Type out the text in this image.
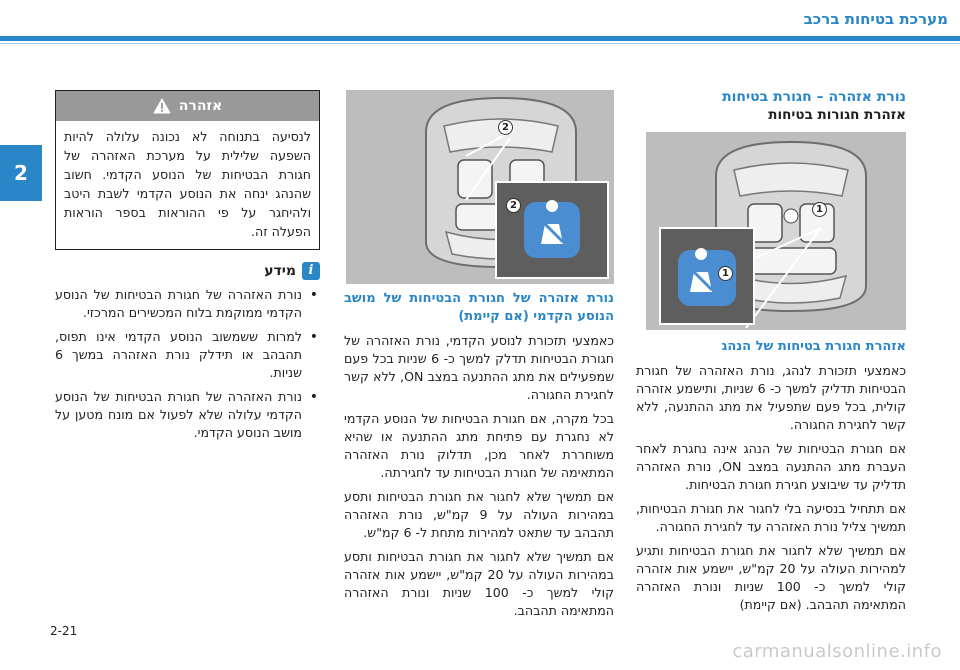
מערכת בטיחות ברכב
2
נורת אזהרה – חגורת בטיחות
אזהרת חגורות בטיחות
1
1
אזהרת חגורת בטיחות של הנהג
כאמצעי תזכורת לנהג, נורת האזהרה של חגורת הבטיחות תדליק למשך כ- 6 שניות, ותישמע אזהרה קולית, בכל פעם שתפעיל את מתג ההתנעה, ללא קשר לחגירת החגורה.
אם חגורת הבטיחות של הנהג אינה נחגרת לאחר העברת מתג ההתנעה במצב ON, נורת האזהרה תדליק עד שיבוצע חגירת חגורת הבטיחות.
אם תתחיל בנסיעה בלי לחגור את חגורת הבטיחות, תמשיך צליל נורת האזהרה עד לחגירת החגורה.
אם תמשיך שלא לחגור את חגורת הבטיחות ותגיע למהירות העולה על 20 קמ"ש, יישמע אות אזהרה קולי למשך כ- 100 שניות ונורת האזהרה המתאימה תהבהב. (אם קיימת)
2
2
נורת אזהרה של חגורת הבטיחות של מושב הנוסע הקדמי (אם קיימת)
כאמצעי תזכורת לנוסע הקדמי, נורת האזהרה של חגורת הבטיחות תדלק למשך כ- 6 שניות בכל פעם שמפעילים את מתג ההתנעה במצב ON, ללא קשר לחגירת החגורה.
בכל מקרה, אם חגורת הבטיחות של הנוסע הקדמי לא נחגרת עם פתיחת מתג ההתנעה או שהיא משוחררת לאחר מכן, תדלוק נורת האזהרה המתאימה של חגורת הבטיחות עד לחגירתה.
אם תמשיך שלא לחגור את חגורת הבטיחות ותסע במהירות העולה על 9 קמ"ש, נורת האזהרה תהבהב עד שתאט למהירות מתחת ל- 6 קמ"ש.
אם תמשיך שלא לחגור את חגורת הבטיחות ותסע במהירות העולה על 20 קמ"ש, יישמע אות אזהרה קולי למשך כ- 100 שניות ונורת האזהרה המתאימה תהבהב.
אזהרה
לנסיעה בתנוחה לא נכונה עלולה להיות השפעה שלילית על מערכת האזהרה של חגורת הבטיחות של הנוסע הקדמי. חשוב שהנהג ינחה את הנוסע הקדמי לשבת היטב ולהיחגר על פי ההוראות בספר הוראות הפעלה זה.
i
מידע
• נורת האזהרה של חגורת הבטיחות של הנוסע הקדמי ממוקמת בלוח המכשירים המרכזי.
• למרות ששמשוב הנוסע הקדמי אינו תפוס, תהבהב או תידלק נורת האזהרה במשך 6 שניות.
• נורת האזהרה של חגורת הבטיחות של הנוסע הקדמי עלולה שלא לפעול אם מונח מטען על מושב הנוסע הקדמי.
2-21
carmanualsonline.info
